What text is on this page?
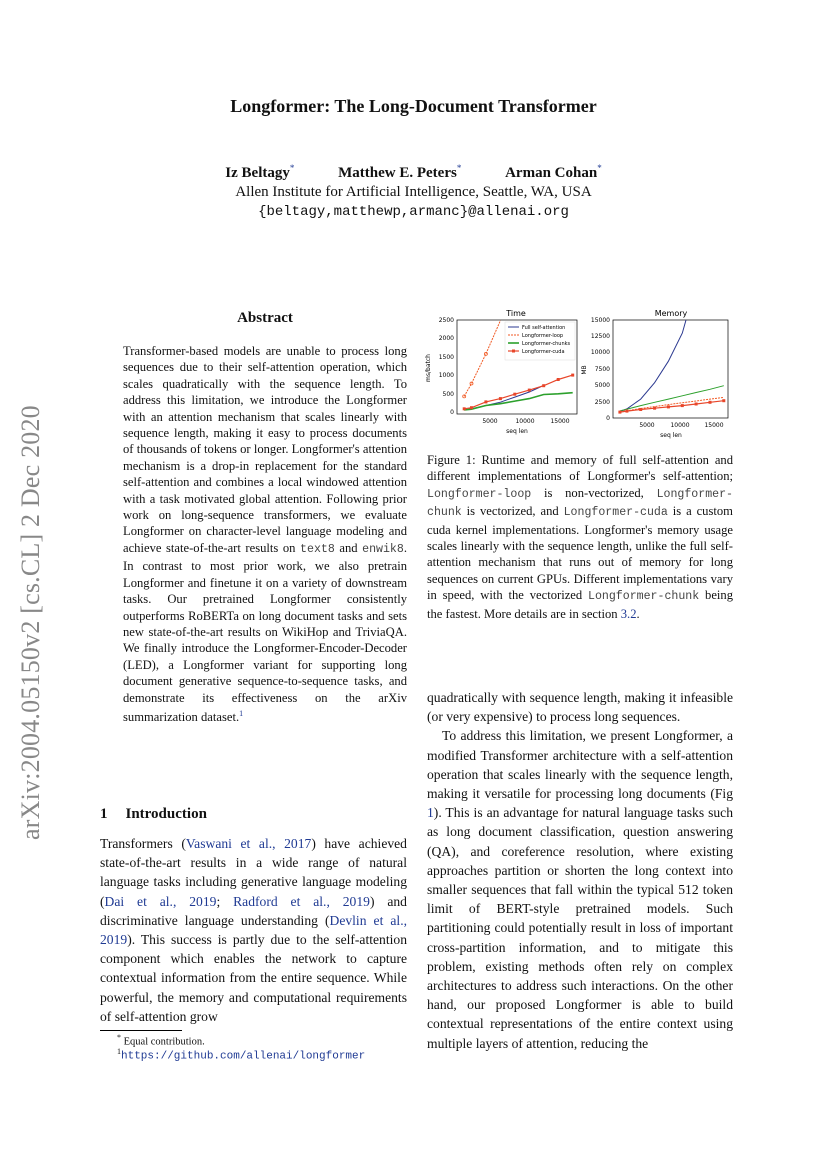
arXiv:2004.05150v2 [cs.CL] 2 Dec 2020
Longformer: The Long-Document Transformer
Iz Beltagy*	Matthew E. Peters*	Arman Cohan*
Allen Institute for Artificial Intelligence, Seattle, WA, USA
{beltagy,matthewp,armanc}@allenai.org
Abstract
Transformer-based models are unable to process long sequences due to their self-attention operation, which scales quadratically with the sequence length. To address this limitation, we introduce the Longformer with an attention mechanism that scales linearly with sequence length, making it easy to process documents of thousands of tokens or longer. Longformer's attention mechanism is a drop-in replacement for the standard self-attention and combines a local windowed attention with a task motivated global attention. Following prior work on long-sequence transformers, we evaluate Longformer on character-level language modeling and achieve state-of-the-art results on text8 and enwik8. In contrast to most prior work, we also pretrain Longformer and finetune it on a variety of downstream tasks. Our pretrained Longformer consistently outperforms RoBERTa on long document tasks and sets new state-of-the-art results on WikiHop and TriviaQA. We finally introduce the Longformer-Encoder-Decoder (LED), a Longformer variant for supporting long document generative sequence-to-sequence tasks, and demonstrate its effectiveness on the arXiv summarization dataset.$^1$
1 Introduction
Transformers (Vaswani et al., 2017) have achieved state-of-the-art results in a wide range of natural language tasks including generative language modeling (Dai et al., 2019; Radford et al., 2019) and discriminative language understanding (Devlin et al., 2019). This success is partly due to the self-attention component which enables the network to capture contextual information from the entire sequence. While powerful, the memory and computational requirements of self-attention grow
* Equal contribution.
$^1$https://github.com/allenai/longformer
Time
2500
2000
1500
1000
500
0
5000	10000	15000
seq len
ms/batch
Full self-attention
Longformer-loop
Longformer-chunks
Longformer-cuda
Memory
15000
12500
10000
7500
5000
2500
0
5000	10000 15000
seq len
MB
Figure 1: Runtime and memory of full self-attention and different implementations of Longformer's self-attention; Longformer-loop is non-vectorized, Longformer-chunk is vectorized, and Longformer-cuda is a custom cuda kernel implementations. Longformer's memory usage scales linearly with the sequence length, unlike the full self-attention mechanism that runs out of memory for long sequences on current GPUs. Different implementations vary in speed, with the vectorized Longformer-chunk being the fastest. More details are in section 3.2.

quadratically with sequence length, making it infeasible (or very expensive) to process long sequences.

To address this limitation, we present Longformer, a modified Transformer architecture with a self-attention operation that scales linearly with the sequence length, making it versatile for processing long documents (Fig 1). This is an advantage for natural language tasks such as long document classification, question answering (QA), and coreference resolution, where existing approaches partition or shorten the long context into smaller sequences that fall within the typical 512 token limit of BERT-style pretrained models. Such partitioning could potentially result in loss of important cross-partition information, and to mitigate this problem, existing methods often rely on complex architectures to address such interactions. On the other hand, our proposed Longformer is able to build contextual representations of the entire context using multiple layers of attention, reducing the
